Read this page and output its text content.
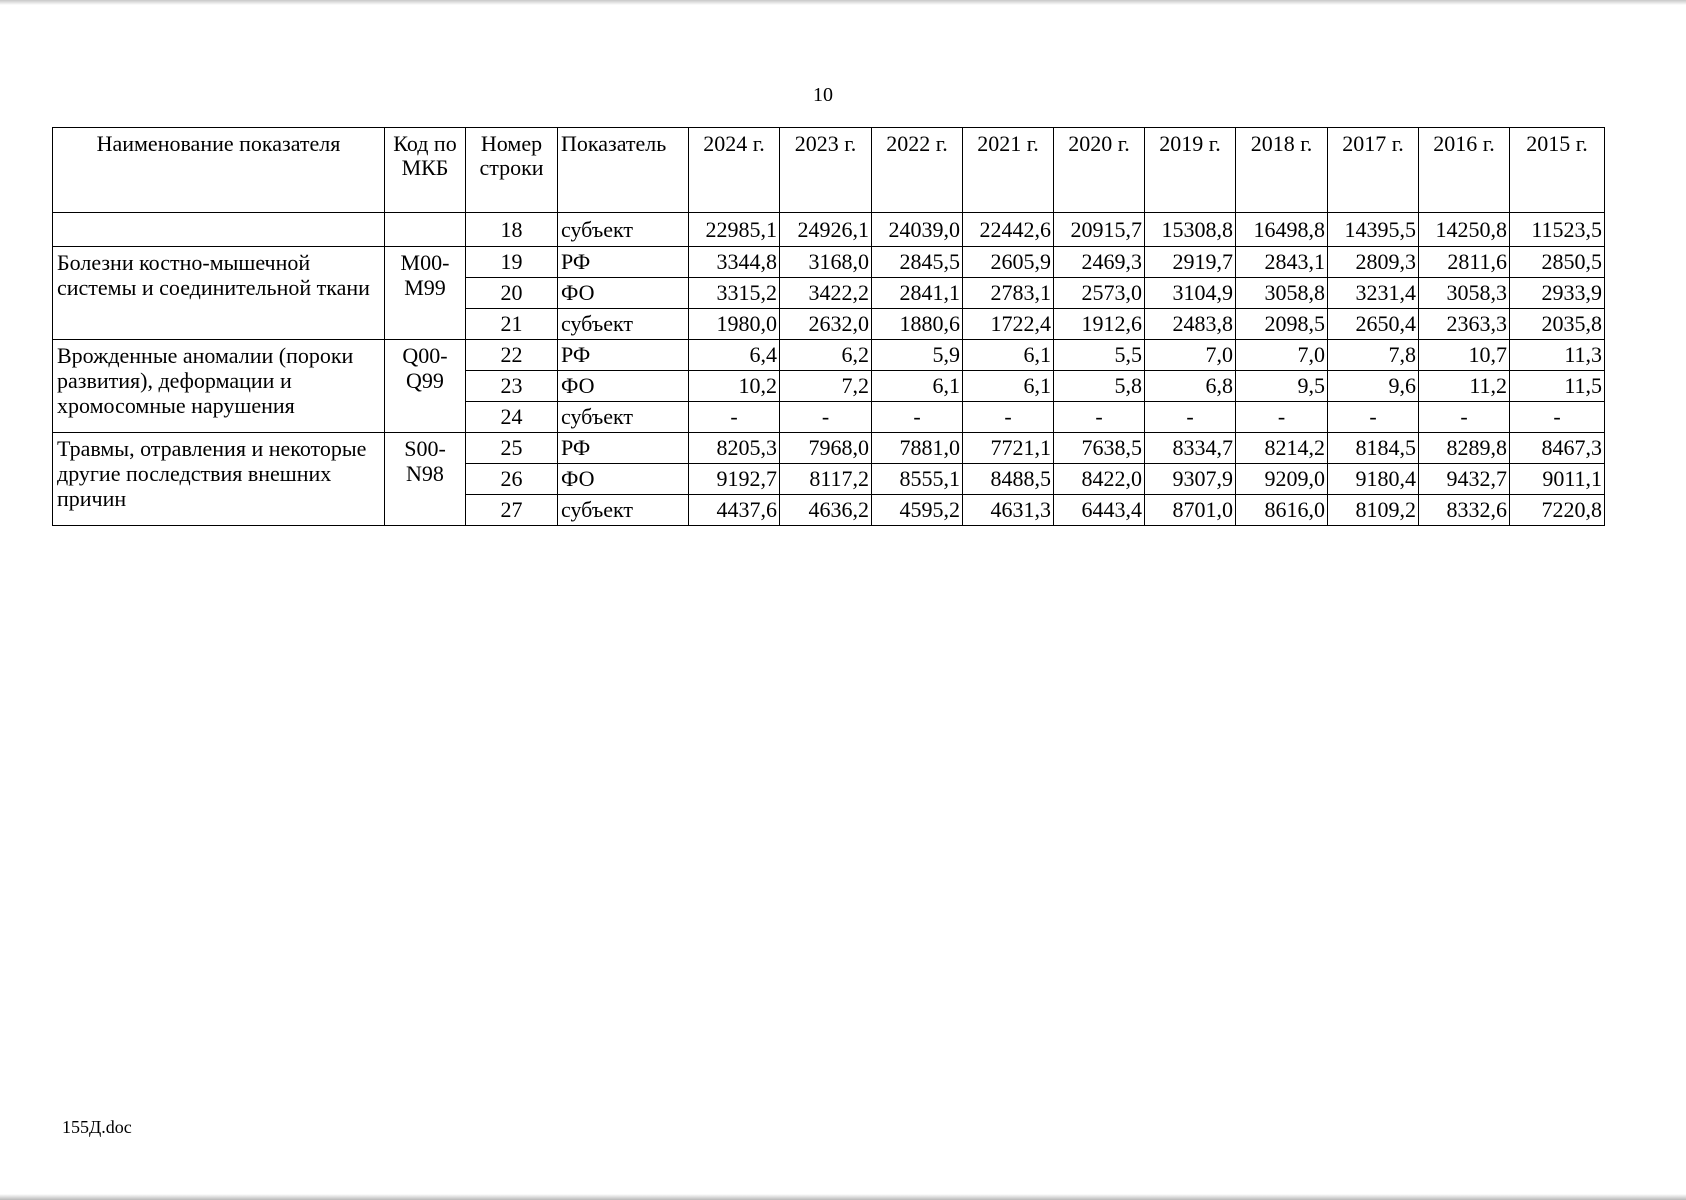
10
Наименование показателя	Код по МКБ	Номер строки	Показатель	2024 г.	2023 г.	2022 г.	2021 г.	2020 г.	2019 г.	2018 г.	2017 г.	2016 г.	2015 г.
		18	субъект	22985,1	24926,1	24039,0	22442,6	20915,7	15308,8	16498,8	14395,5	14250,8	11523,5
Болезни костно-мышечной системы и соединительной ткани	M00-M99	19	РФ	3344,8	3168,0	2845,5	2605,9	2469,3	2919,7	2843,1	2809,3	2811,6	2850,5
		20	ФО	3315,2	3422,2	2841,1	2783,1	2573,0	3104,9	3058,8	3231,4	3058,3	2933,9
		21	субъект	1980,0	2632,0	1880,6	1722,4	1912,6	2483,8	2098,5	2650,4	2363,3	2035,8
Врожденные аномалии (пороки развития), деформации и хромосомные нарушения	Q00-Q99	22	РФ	6,4	6,2	5,9	6,1	5,5	7,0	7,0	7,8	10,7	11,3
		23	ФО	10,2	7,2	6,1	6,1	5,8	6,8	9,5	9,6	11,2	11,5
		24	субъект	-	-	-	-	-	-	-	-	-	-
Травмы, отравления и некоторые другие последствия внешних причин	S00-N98	25	РФ	8205,3	7968,0	7881,0	7721,1	7638,5	8334,7	8214,2	8184,5	8289,8	8467,3
		26	ФО	9192,7	8117,2	8555,1	8488,5	8422,0	9307,9	9209,0	9180,4	9432,7	9011,1
		27	субъект	4437,6	4636,2	4595,2	4631,3	6443,4	8701,0	8616,0	8109,2	8332,6	7220,8
155Д.doc
